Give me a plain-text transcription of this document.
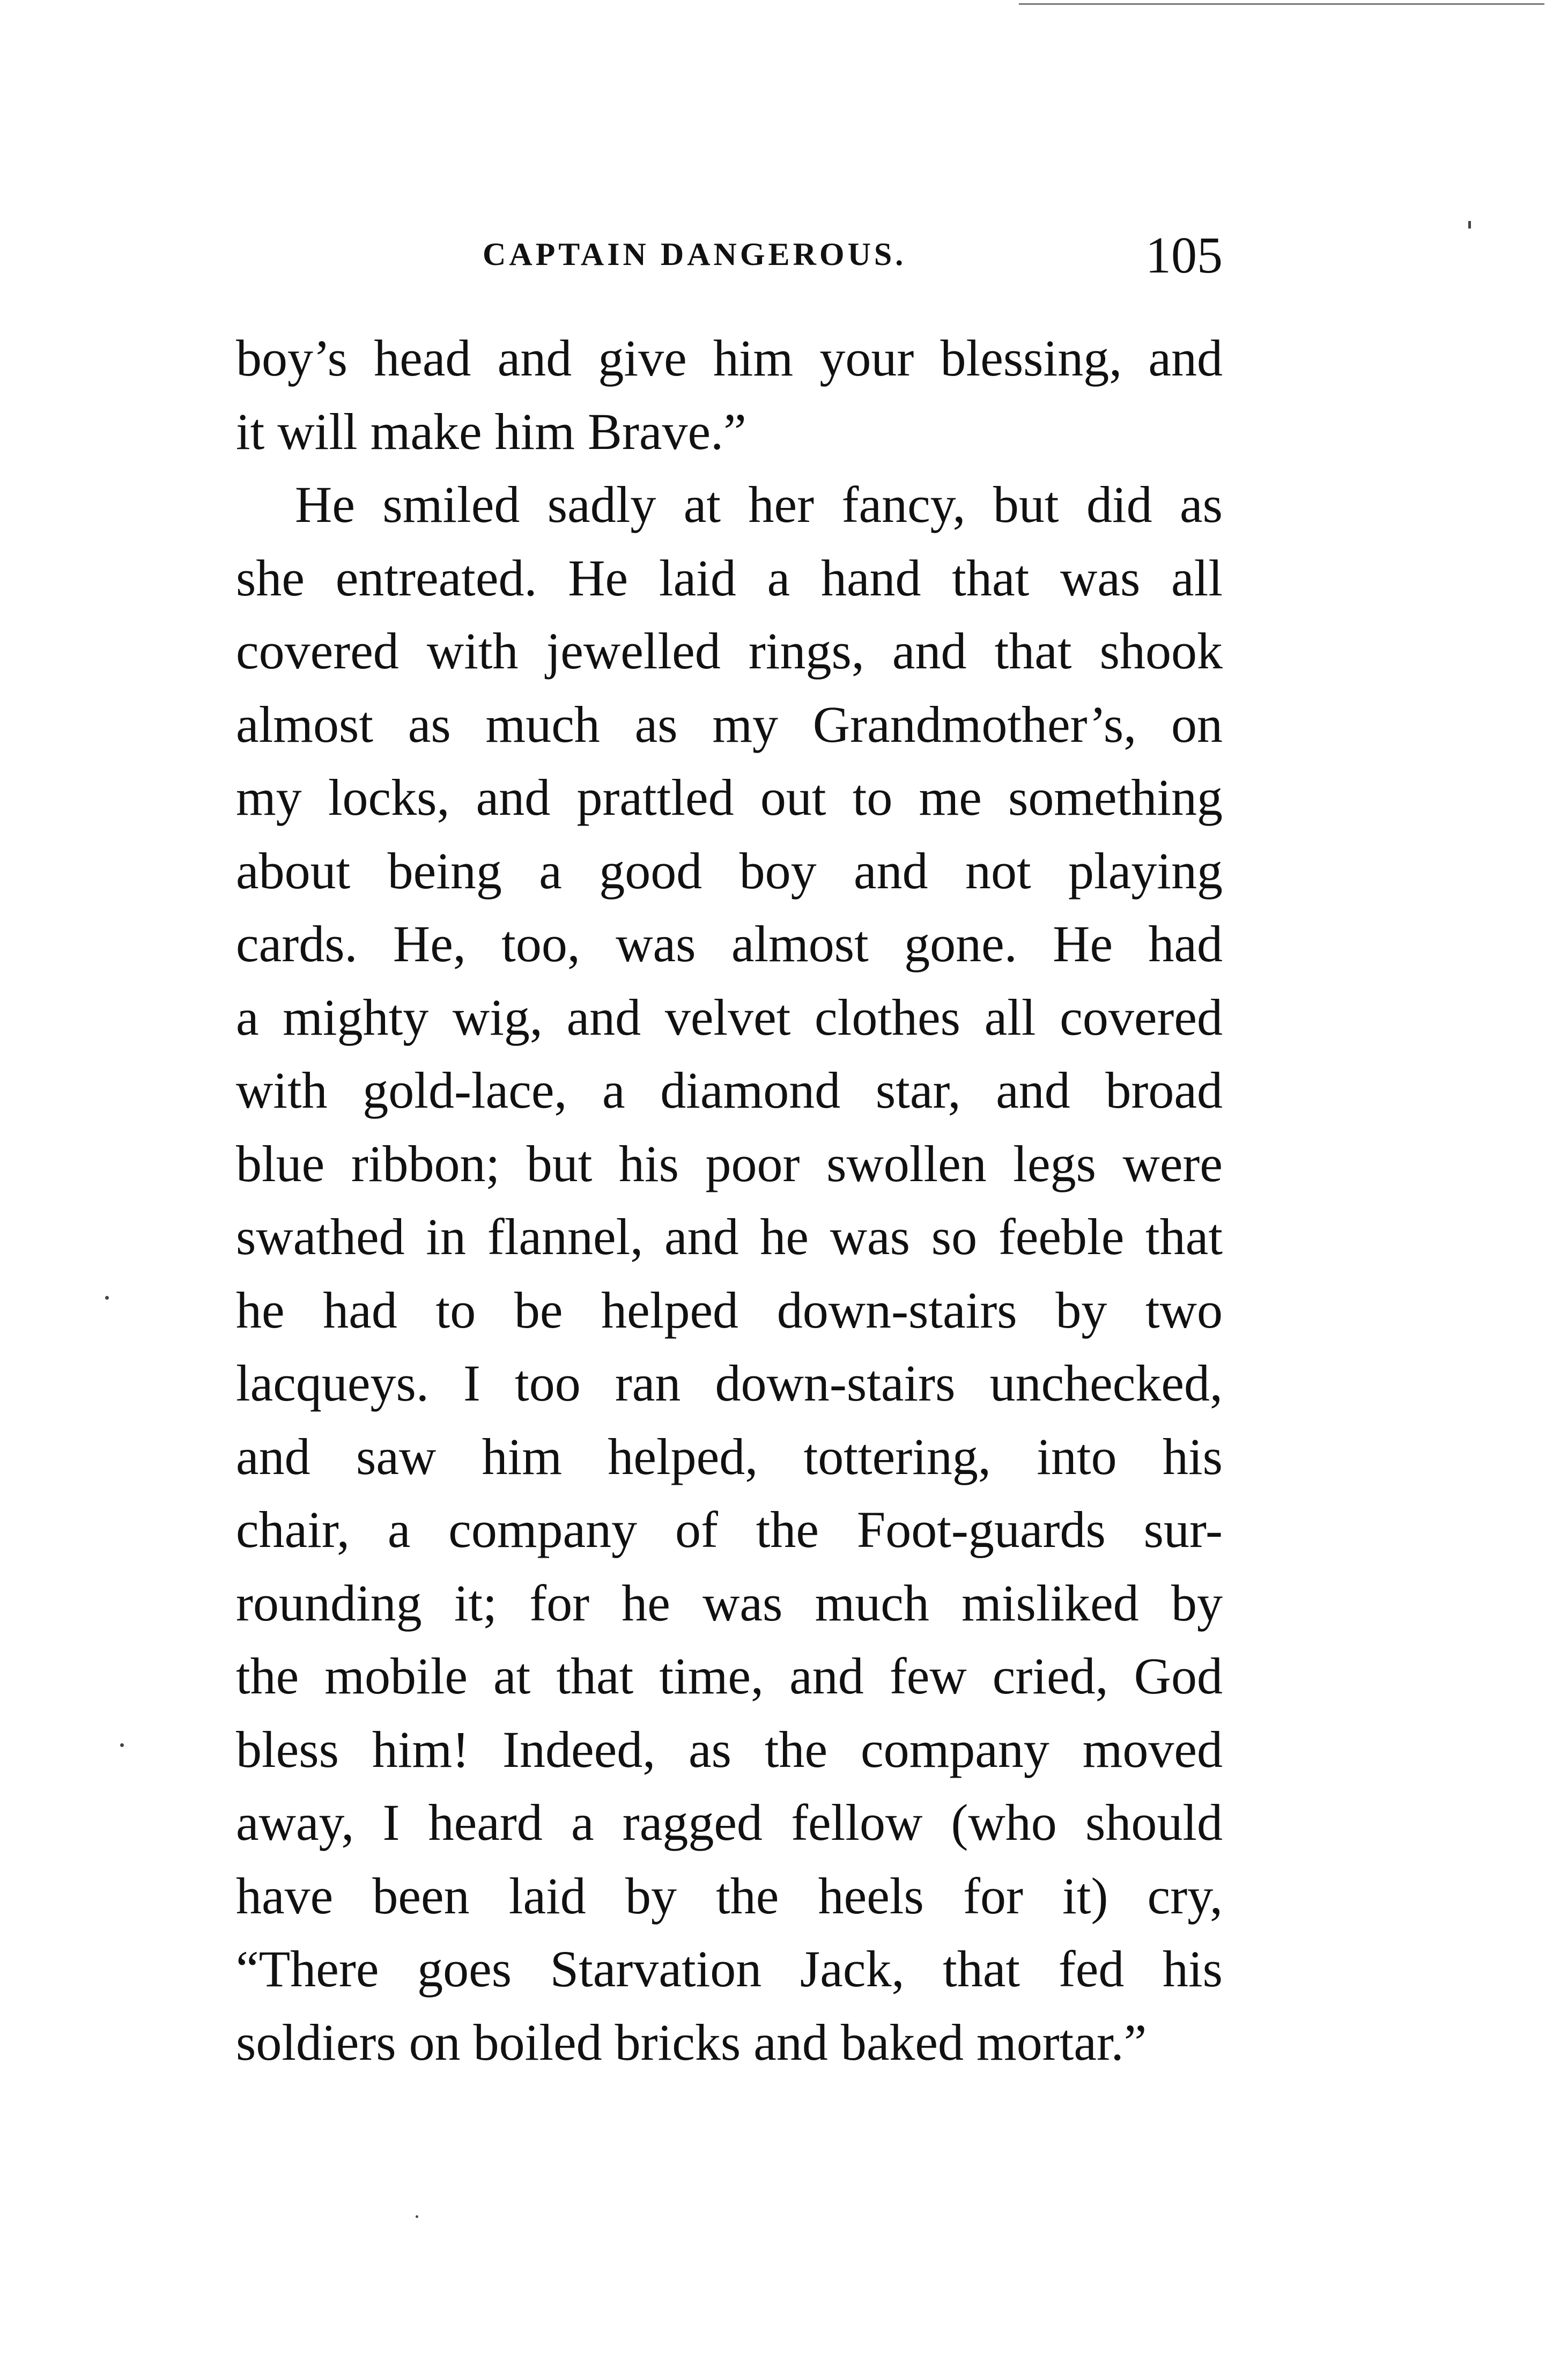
CAPTAIN DANGEROUS.	105
boy’s head and give him your blessing, and
it will make him Brave.”
He smiled sadly at her fancy, but did as
she entreated. He laid a hand that was all
covered with jewelled rings, and that shook
almost as much as my Grandmother’s, on
my locks, and prattled out to me something
about being a good boy and not playing
cards. He, too, was almost gone. He had
a mighty wig, and velvet clothes all covered
with gold-lace, a diamond star, and broad
blue ribbon; but his poor swollen legs were
swathed in flannel, and he was so feeble that
he had to be helped down-stairs by two
lacqueys. I too ran down-stairs unchecked,
and saw him helped, tottering, into his
chair, a company of the Foot-guards sur-
rounding it; for he was much misliked by
the mobile at that time, and few cried, God
bless him! Indeed, as the company moved
away, I heard a ragged fellow (who should
have been laid by the heels for it) cry,
“There goes Starvation Jack, that fed his
soldiers on boiled bricks and baked mortar.”
